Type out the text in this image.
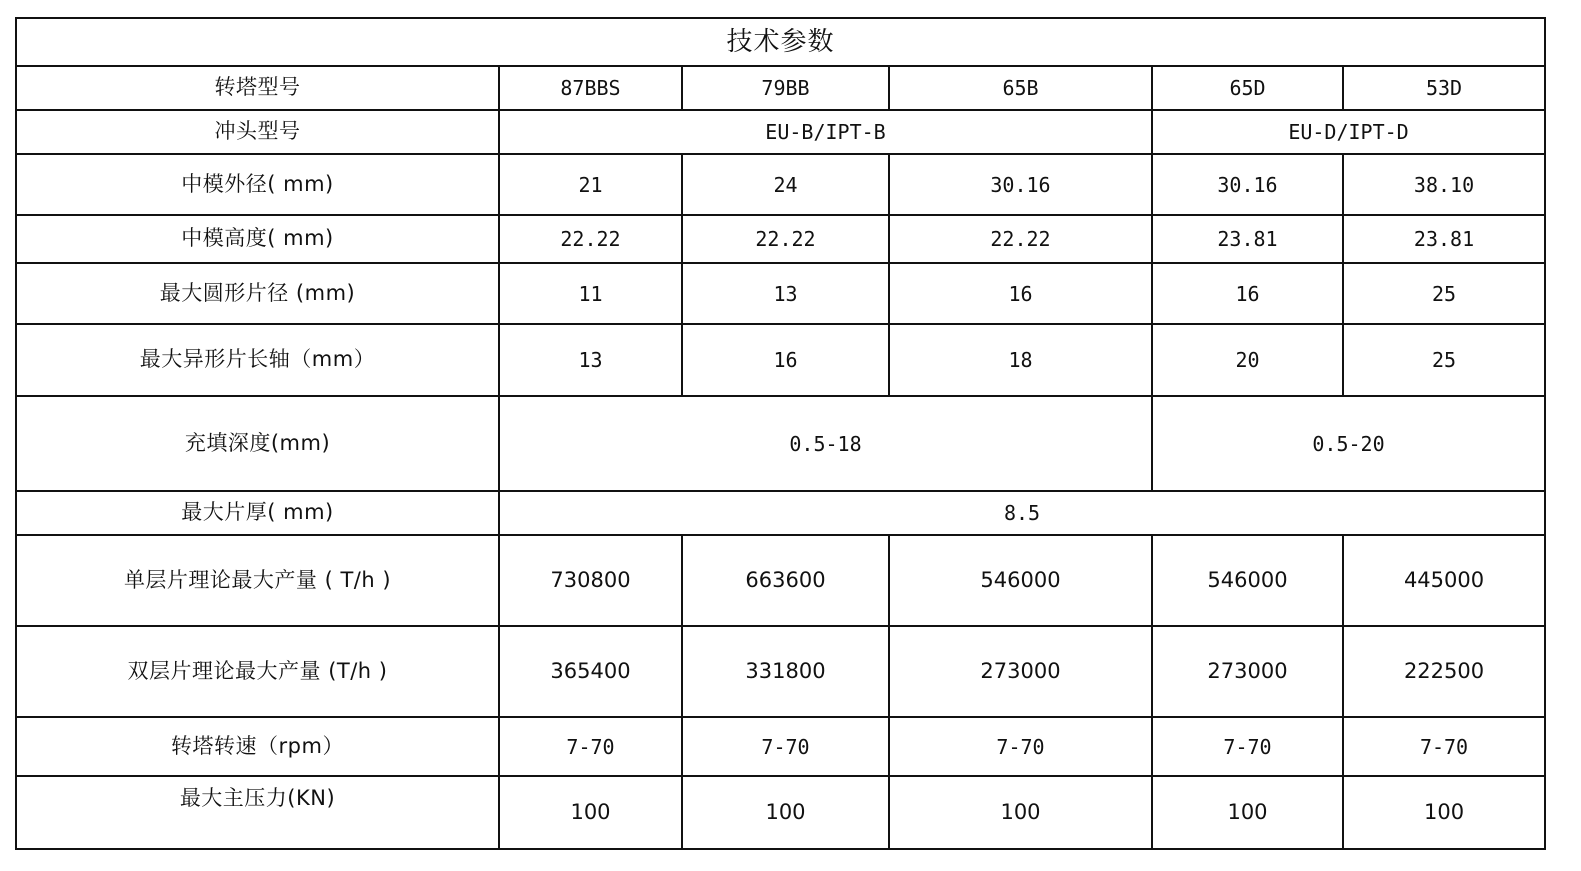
技术参数					
转塔型号	87BBS	79BB	65B	65D	53D
冲头型号	EU-B/IPT-B			EU-D/IPT-D	
中模外径( mm)	21	24	30.16	30.16	38.10
中模高度( mm)	22.22	22.22	22.22	23.81	23.81
最大圆形片径 (mm)	11	13	16	16	25
最大异形片长轴（mm）	13	16	18	20	25
充填深度(mm)	0.5-18			0.5-20	
最大片厚( mm)	8.5				
单层片理论最大产量 ( T/h )	730800	663600	546000	546000	445000
双层片理论最大产量 (T/h )	365400	331800	273000	273000	222500
转塔转速（rpm）	7-70	7-70	7-70	7-70	7-70
最大主压力(KN)	100	100	100	100	100
